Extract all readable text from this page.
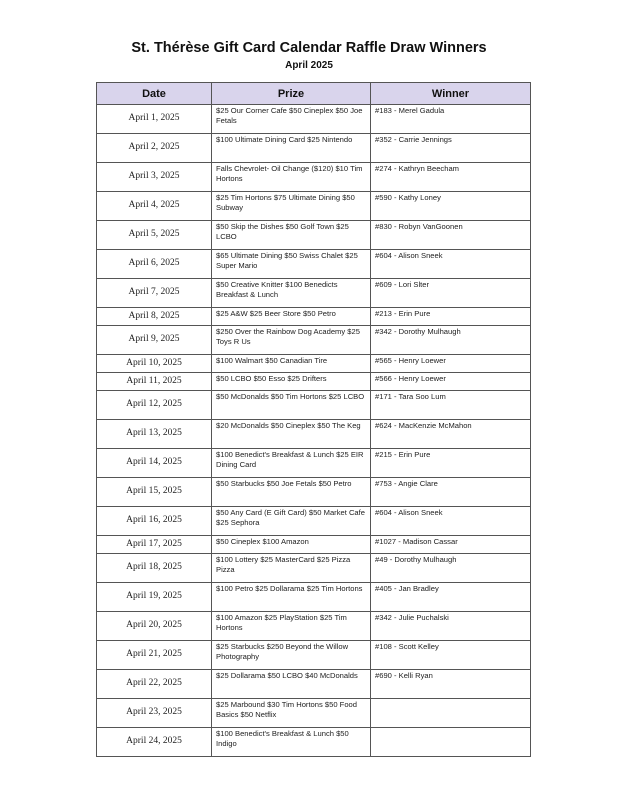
St. Thérèse Gift Card Calendar Raffle Draw Winners
April 2025
Date	Prize	Winner
April 1, 2025	$25 Our Corner Cafe $50 Cineplex $50 Joe Fetals	#183 - Merel Gadula
April 2, 2025	$100 Ultimate Dining Card $25 Nintendo	#352 - Carrie Jennings
April 3, 2025	Falls Chevrolet- Oil Change ($120) $10 Tim Hortons	#274 - Kathryn Beecham
April 4, 2025	$25 Tim Hortons $75 Ultimate Dining $50 Subway	#590 - Kathy Loney
April 5, 2025	$50 Skip the Dishes $50 Golf Town $25 LCBO	#830 - Robyn VanGoonen
April 6, 2025	$65 Ultimate Dining $50 Swiss Chalet $25 Super Mario	#604 - Alison Sneek
April 7, 2025	$50 Creative Knitter $100 Benedicts Breakfast & Lunch	#609 - Lori Slter
April 8, 2025	$25 A&W $25 Beer Store $50 Petro	#213 - Erin Pure
April 9, 2025	$250 Over the Rainbow Dog Academy $25 Toys R Us	#342 - Dorothy Mulhaugh
April 10, 2025	$100 Walmart $50 Canadian Tire	#565 - Henry Loewer
April 11, 2025	$50 LCBO $50 Esso $25 Drifters	#566 - Henry Loewer
April 12, 2025	$50 McDonalds $50 Tim Hortons $25 LCBO	#171 - Tara Soo Lum
April 13, 2025	$20 McDonalds $50 Cineplex $50 The Keg	#624 - MacKenzie McMahon
April 14, 2025	$100 Benedict's Breakfast & Lunch $25 EIR Dining Card	#215 - Erin Pure
April 15, 2025	$50 Starbucks $50 Joe Fetals $50 Petro	#753 - Angie Clare
April 16, 2025	$50 Any Card (E Gift Card) $50 Market Cafe $25 Sephora	#604 - Alison Sneek
April 17, 2025	$50 Cineplex $100 Amazon	#1027 - Madison Cassar
April 18, 2025	$100 Lottery $25 MasterCard $25 Pizza Pizza	#49 - Dorothy Mulhaugh
April 19, 2025	$100 Petro $25 Dollarama $25 Tim Hortons	#405 - Jan Bradley
April 20, 2025	$100 Amazon $25 PlayStation $25 Tim Hortons	#342 - Julie Puchalski
April 21, 2025	$25 Starbucks $250 Beyond the Willow Photography	#108 - Scott Kelley
April 22, 2025	$25 Dollarama $50 LCBO $40 McDonalds	#690 - Kelli Ryan
April 23, 2025	$25 Marbound $30 Tim Hortons $50 Food Basics $50 Netflix	
April 24, 2025	$100 Benedict's Breakfast & Lunch $50 Indigo	
